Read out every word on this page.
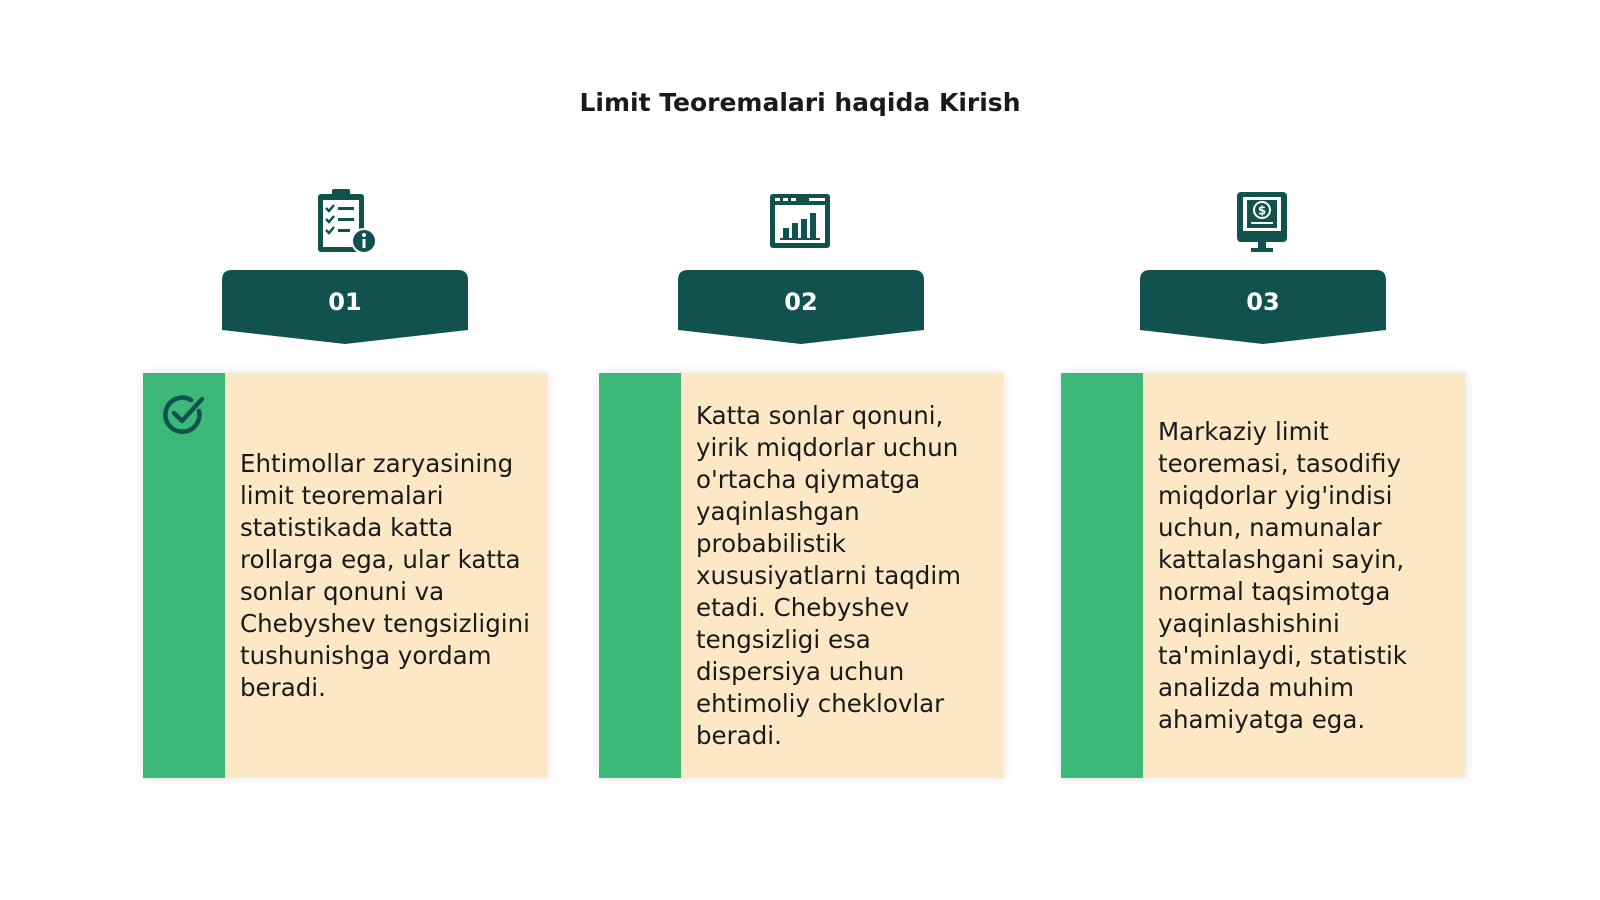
Limit Teoremalari haqida Kirish
01
Ehtimollar zaryasining limit teoremalari statistikada katta rollarga ega, ular katta sonlar qonuni va Chebyshev tengsizligini tushunishga yordam beradi.
02
Katta sonlar qonuni, yirik miqdorlar uchun o'rtacha qiymatga yaqinlashgan probabilistik xususiyatlarni taqdim etadi. Chebyshev tengsizligi esa dispersiya uchun ehtimoliy cheklovlar beradi.
$
03
Markaziy limit teoremasi, tasodifiy miqdorlar yig'indisi uchun, namunalar kattalashgani sayin, normal taqsimotga yaqinlashishini ta'minlaydi, statistik analizda muhim ahamiyatga ega.
